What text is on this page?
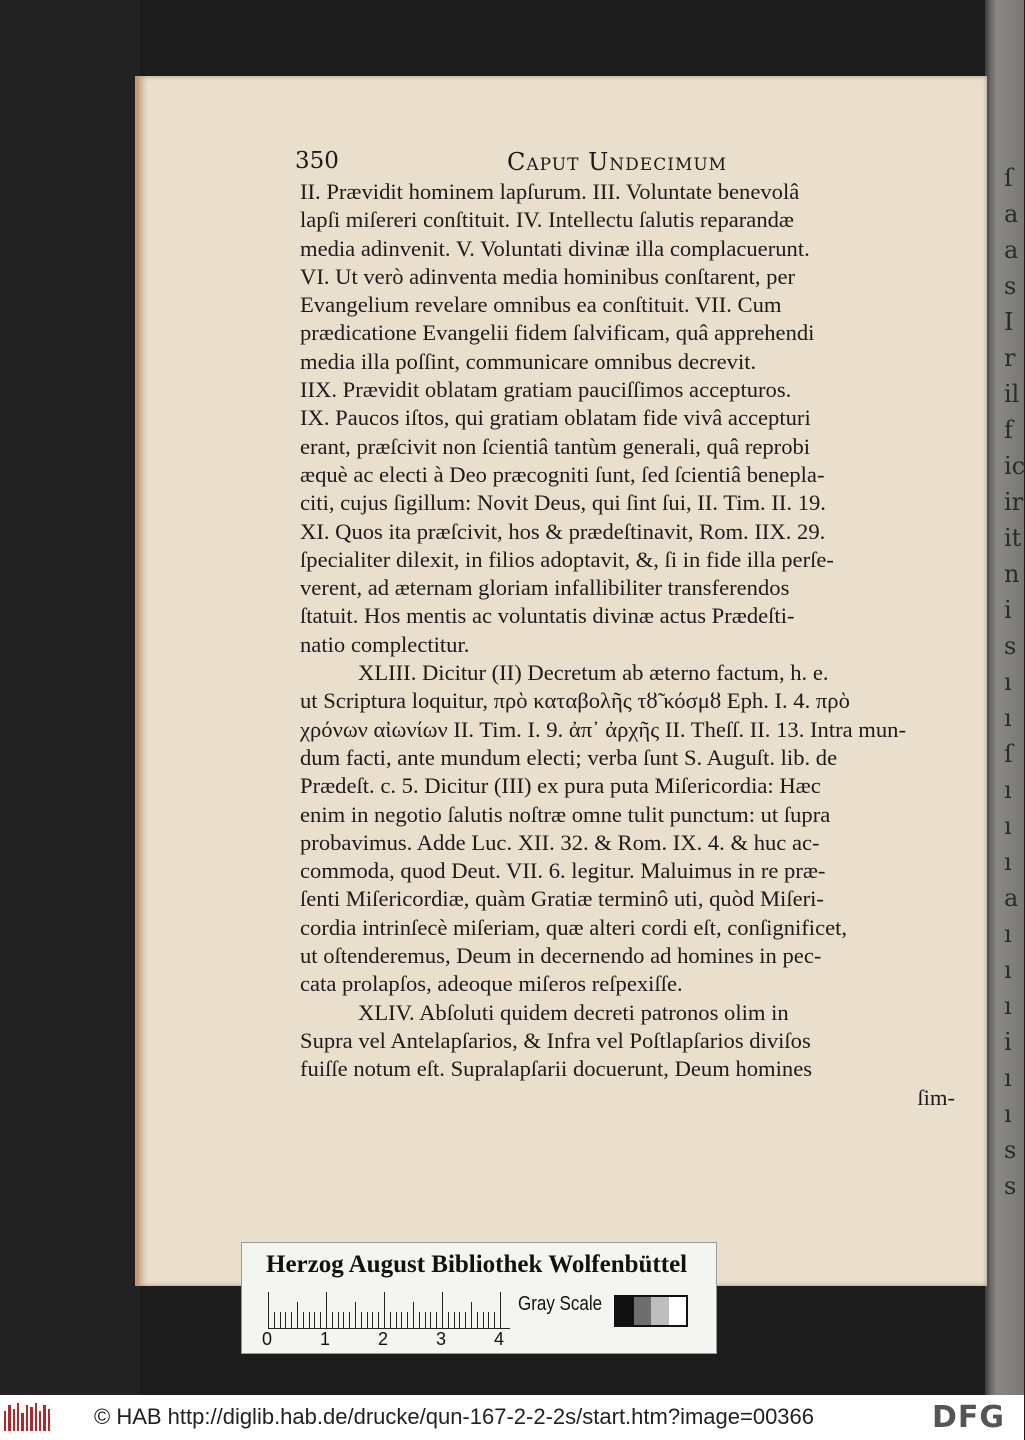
ſ a a s I r il f ic ir it n i s ı ı ſ ı ı ı a ı ı ı i ı ı s s
350	Caput Undecimum
II. Prævidit hominem lapſurum. III. Voluntate benevolâ
lapſi miſereri conſtituit. IV. Intellectu ſalutis reparandæ
media adinvenit. V. Voluntati divinæ illa complacuerunt.
VI. Ut verò adinventa media hominibus conſtarent, per
Evangelium revelare omnibus ea conſtituit. VII. Cum
prædicatione Evangelii fidem ſalvificam, quâ apprehendi
media illa poſſint, communicare omnibus decrevit.
IIX. Prævidit oblatam gratiam pauciſſimos accepturos.
IX. Paucos iſtos, qui gratiam oblatam fide vivâ accepturi
erant, præſcivit non ſcientiâ tantùm generali, quâ reprobi
æquè ac electi à Deo præcogniti ſunt, ſed ſcientiâ benepla-
citi, cujus ſigillum: Novit Deus, qui ſint ſui, II. Tim. II. 19.
XI. Quos ita præſcivit, hos & prædeſtinavit, Rom. IIX. 29.
ſpecialiter dilexit, in filios adoptavit, &, ſi in fide illa perſe-
verent, ad æternam gloriam infallibiliter transferendos
ſtatuit. Hos mentis ac voluntatis divinæ actus Prædeſti-
natio complectitur.
XLIII. Dicitur (II) Decretum ab æterno factum, h. e.
ut Scriptura loquitur, πρὸ καταβολῆς τȣ̃ κόσμȣ Eph. I. 4. πρὸ
χρόνων αἰωνίων II. Tim. I. 9. ἀπ᾽ ἀρχῆς II. Theſſ. II. 13. Intra mun-
dum facti, ante mundum electi; verba ſunt S. Auguſt. lib. de
Prædeſt. c. 5. Dicitur (III) ex pura puta Miſericordia: Hæc
enim in negotio ſalutis noſtræ omne tulit punctum: ut ſupra
probavimus. Adde Luc. XII. 32. & Rom. IX. 4. & huc ac-
commoda, quod Deut. VII. 6. legitur. Maluimus in re præ-
ſenti Miſericordiæ, quàm Gratiæ terminô uti, quòd Miſeri-
cordia intrinſecè miſeriam, quæ alteri cordi eſt, conſignificet,
ut oſtenderemus, Deum in decernendo ad homines in pec-
cata prolapſos, adeoque miſeros reſpexiſſe.
XLIV. Abſoluti quidem decreti patronos olim in
Supra vel Antelapſarios, & Infra vel Poſtlapſarios diviſos
fuiſſe notum eſt. Supralapſarii docuerunt, Deum homines
ſim-
Herzog August Bibliothek Wolfenbüttel
0	1	2	3	4
Gray Scale
© HAB http://diglib.hab.de/drucke/qun-167-2-2-2s/start.htm?image=00366	DFG
